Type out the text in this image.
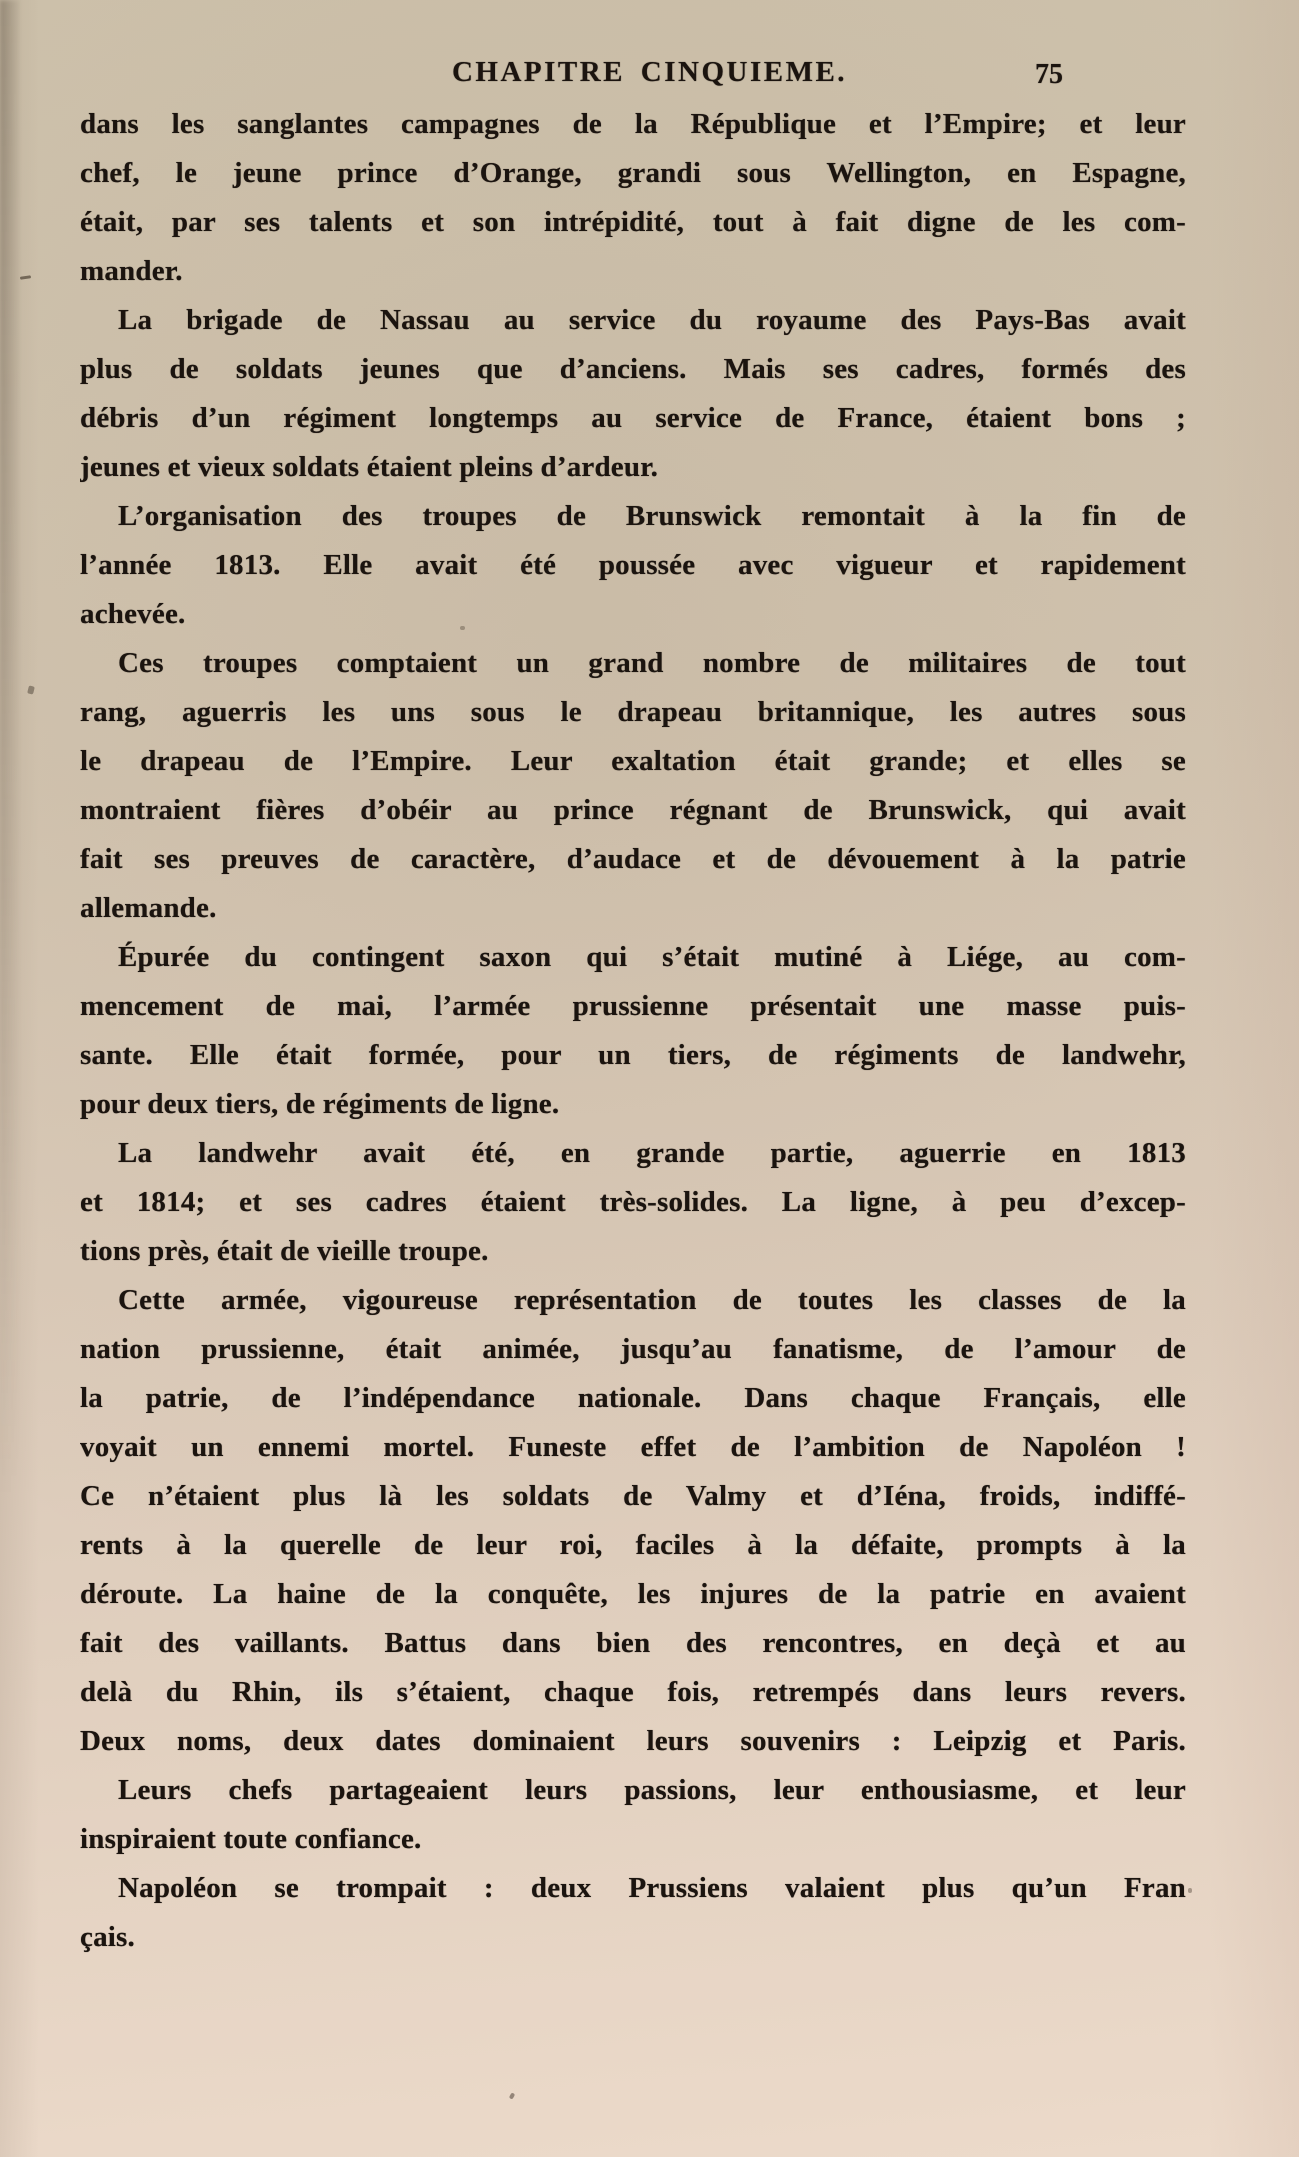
CHAPITRE CINQUIEME.	75
dans les sanglantes campagnes de la République et l’Empire; et leur
chef, le jeune prince d’Orange, grandi sous Wellington, en Espagne,
était, par ses talents et son intrépidité, tout à fait digne de les com-
mander.
La brigade de Nassau au service du royaume des Pays-Bas avait
plus de soldats jeunes que d’anciens. Mais ses cadres, formés des
débris d’un régiment longtemps au service de France, étaient bons ;
jeunes et vieux soldats étaient pleins d’ardeur.
L’organisation des troupes de Brunswick remontait à la fin de
l’année 1813. Elle avait été poussée avec vigueur et rapidement
achevée.
Ces troupes comptaient un grand nombre de militaires de tout
rang, aguerris les uns sous le drapeau britannique, les autres sous
le drapeau de l’Empire. Leur exaltation était grande; et elles se
montraient fières d’obéir au prince régnant de Brunswick, qui avait
fait ses preuves de caractère, d’audace et de dévouement à la patrie
allemande.
Épurée du contingent saxon qui s’était mutiné à Liége, au com-
mencement de mai, l’armée prussienne présentait une masse puis-
sante. Elle était formée, pour un tiers, de régiments de landwehr,
pour deux tiers, de régiments de ligne.
La landwehr avait été, en grande partie, aguerrie en 1813
et 1814; et ses cadres étaient très-solides. La ligne, à peu d’excep-
tions près, était de vieille troupe.
Cette armée, vigoureuse représentation de toutes les classes de la
nation prussienne, était animée, jusqu’au fanatisme, de l’amour de
la patrie, de l’indépendance nationale. Dans chaque Français, elle
voyait un ennemi mortel. Funeste effet de l’ambition de Napoléon !
Ce n’étaient plus là les soldats de Valmy et d’Iéna, froids, indiffé-
rents à la querelle de leur roi, faciles à la défaite, prompts à la
déroute. La haine de la conquête, les injures de la patrie en avaient
fait des vaillants. Battus dans bien des rencontres, en deçà et au
delà du Rhin, ils s’étaient, chaque fois, retrempés dans leurs revers.
Deux noms, deux dates dominaient leurs souvenirs : Leipzig et Paris.
Leurs chefs partageaient leurs passions, leur enthousiasme, et leur
inspiraient toute confiance.
Napoléon se trompait : deux Prussiens valaient plus qu’un Fran
çais.
